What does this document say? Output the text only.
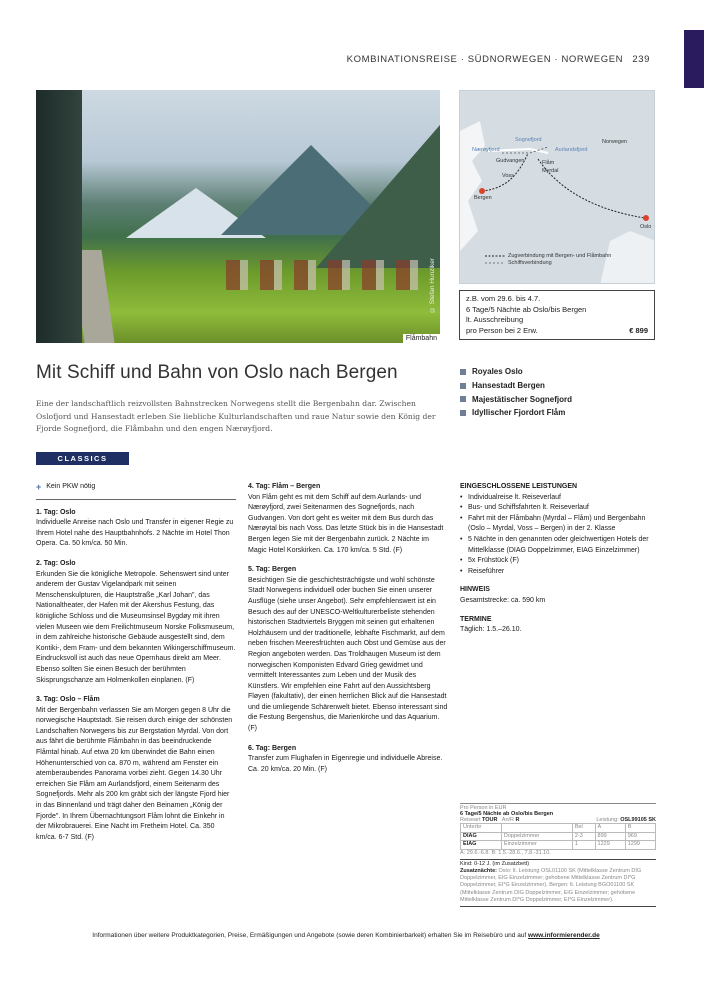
KOMBINATIONSREISE · SÜDNORWEGEN · NORWEGEN 239
© Stefan Hunziker
Flåmbahn
Sognefjord
Nærøyfjord	Aurlandsfjord
Norwegen
Gudvangen	Flåm
Myrdal
Voss
Bergen
Oslo
Zugverbindung mit Bergen- und Flåmbahn
Schiffsverbindung
z.B. vom 29.6. bis 4.7.
6 Tage/5 Nächte ab Oslo/bis Bergen
lt. Ausschreibung
pro Person bei 2 Erw.	€ 899
Mit Schiff und Bahn von Oslo nach Bergen

Eine der landschaftlich reizvollsten Bahnstrecken Norwegens stellt die Bergenbahn dar. Zwischen Oslofjord und Hansestadt erleben Sie liebliche Kulturlandschaften und raue Natur sowie den König der Fjorde Sognefjord, die Flåmbahn und den engen Nærøyfjord.

CLASSICS
Royales Oslo
Hansestadt Bergen
Majestätischer Sognefjord
Idyllischer Fjordort Flåm
+ Kein PKW nötig
1. Tag: Oslo

Individuelle Anreise nach Oslo und Transfer in eigener Regie zu Ihrem Hotel nahe des Hauptbahnhofs. 2 Nächte im Hotel Thon Opera. Ca. 50 km/ca. 50 Min.

2. Tag: Oslo

Erkunden Sie die königliche Metropole. Sehenswert sind unter anderem der Gustav Vigelandpark mit seinen Menschenskulpturen, die Hauptstraße „Karl Johan", das Nationaltheater, der Hafen mit der Akershus Festung, das königliche Schloss und die Museumsinsel Bygdøy mit ihren vielen Museen wie dem Freilichtmuseum Norske Folksmuseum, in dem zahlreiche historische Gebäude ausgestellt sind, dem Kontiki-, dem Fram- und dem bekannten Wikingerschiffmuseum. Eindrucksvoll ist auch das neue Opernhaus direkt am Meer. Ebenso sollten Sie einen Besuch der berühmten Skisprungschanze am Holmenkollen einplanen. (F)

3. Tag: Oslo – Flåm

Mit der Bergenbahn verlassen Sie am Morgen gegen 8 Uhr die norwegische Hauptstadt. Sie reisen durch einige der schönsten Landschaften Norwegens bis zur Bergstation Myrdal. Von dort aus fährt die berühmte Flåmbahn in das beeindruckende Flåmtal hinab. Auf etwa 20 km überwindet die Bahn einen Höhenunterschied von ca. 870 m, während am Fenster ein atemberaubendes Panorama vorbei zieht. Gegen 14.30 Uhr erreichen Sie Flåm am Aurlandsfjord, einem Seitenarm des Sognefjords. Mehr als 200 km gräbt sich der längste Fjord hier in das Binnenland und trägt daher den Beinamen „König der Fjorde". In Ihrem Übernachtungsort Flåm lohnt die Einkehr in der Mikrobrauerei. Eine Nacht im Fretheim Hotel. Ca. 350 km/ca. 6-7 Std. (F)

4. Tag: Flåm – Bergen

Von Flåm geht es mit dem Schiff auf dem Aurlands- und Nærøyfjord, zwei Seitenarmen des Sognefjords, nach Gudvangen. Von dort geht es weiter mit dem Bus durch das Nærøytal bis nach Voss. Das letzte Stück bis in die Hansestadt Bergen legen Sie mit der Bergenbahn zurück. 2 Nächte im Magic Hotel Korskirken. Ca. 170 km/ca. 5 Std. (F)

5. Tag: Bergen

Besichtigen Sie die geschichtsträchtigste und wohl schönste Stadt Norwegens individuell oder buchen Sie einen unserer Ausflüge (siehe unser Angebot). Sehr empfehlenswert ist ein Besuch des auf der UNESCO-Weltkulturerbeliste stehenden historischen Stadtviertels Bryggen mit seinen gut erhaltenen Holzhäusern und der traditionelle, lebhafte Fischmarkt, auf dem neben frischen Meeresfrüchten auch Obst und Gemüse aus der Region angeboten werden. Das Troldhaugen Museum ist dem norwegischen Komponisten Edvard Grieg gewidmet und vermittelt Interessantes zum Leben und der Musik des Künstlers. Wir empfehlen eine Fahrt auf den Aussichtsberg Fløyen (fakultativ), der einen herrlichen Blick auf die Hansestadt und die umliegende Schärenwelt bietet. Ebenso interessant sind die Festung Bergenshus, die Marienkirche und das Aquarium. (F)

6. Tag: Bergen

Transfer zum Flughafen in Eigenregie und individuelle Abreise. Ca. 20 km/ca. 20 Min. (F)

EINGESCHLOSSENE LEISTUNGEN
• Individualreise lt. Reiseverlauf
• Bus- und Schiffsfahrten lt. Reiseverlauf
• Fahrt mit der Flåmbahn (Myrdal – Flåm) und Bergenbahn (Oslo – Myrdal, Voss – Bergen) in der 2. Klasse
• 5 Nächte in den genannten oder gleichwertigen Hotels der Mittelklasse (DIAG Doppelzimmer, EIAG Einzelzimmer)
• 5x Frühstück (F)
• Reiseführer
HINWEIS
Gesamtstrecke: ca. 590 km
TERMINE
Täglich: 1.5.–26.10.
Pro Person in EUR
6 Tage/5 Nächte ab Oslo/bis Bergen
Reiseart TOUR An/R R	Leistung: OSL99105 SK
Unterbr		Bel	A	B
DIAG	Doppelzimmer	2-3	899	969
EIAG	Einzelzimmer	1	1229	1299
A: 29.6.-6.8. B: 1.5.-28.6., 7.8.-31.10.
Kind: 0-12 J. (im Zusatzbett)
Zusatznächte: Oslo: lt. Leistung OSL01100 SK (Mittelklasse Zentrum DIG Doppelzimmer, EIG Einzelzimmer; gehobene Mittelklasse Zentrum DI*G Doppelzimmer, EI*G Einzelzimmer). Bergen: lt. Leistung BGO01100 SK (Mittelklasse Zentrum DIG Doppelzimmer, EIG Einzelzimmer; gehobene Mittelklasse Zentrum DI*G Doppelzimmer, EI*G Einzelzimmer).
Informationen über weitere Produktkategorien, Preise, Ermäßigungen und Angebote (sowie deren Kombinierbarkeit) erhalten Sie im Reisebüro und auf www.informierender.de
